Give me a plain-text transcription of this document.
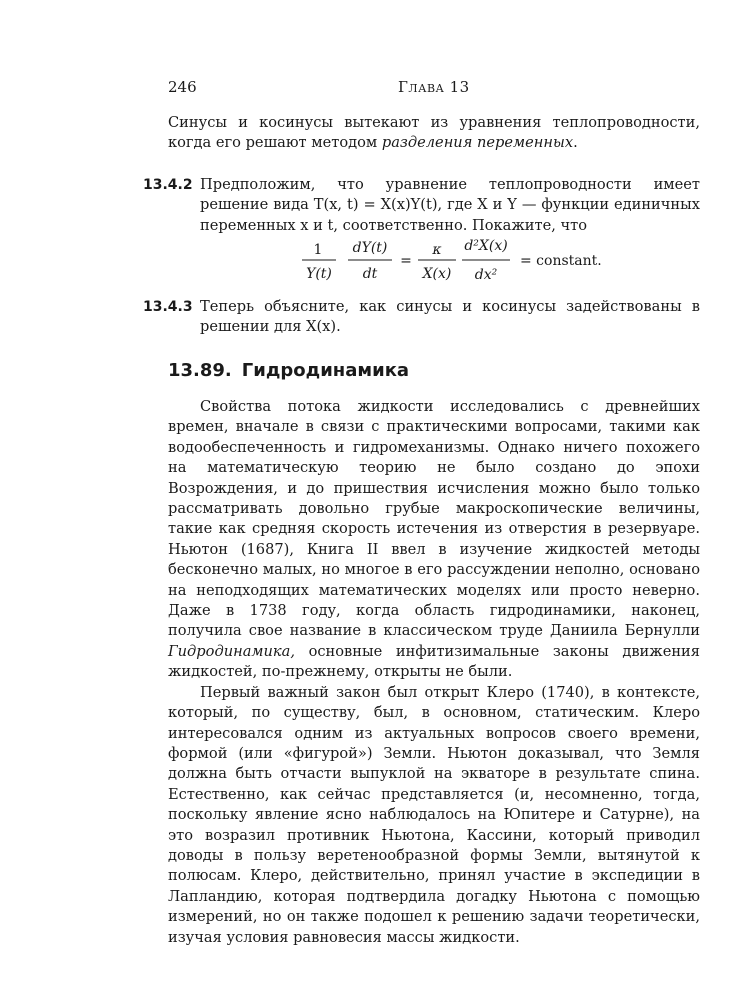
246	Глава 13
Синусы и косинусы вытекают из уравнения теплопроводности, когда его решают методом разделения переменных.
13.4.2 Предположим, что уравнение теплопроводности имеет решение вида T(x, t) = X(x)Y(t), где X и Y — функции единичных переменных x и t, соответственно. Покажите, что
1
Y(t)
dY(t)
dt
=
κ
X(x)
d²X(x)
dx²
= constant.
13.4.3 Теперь объясните, как синусы и косинусы задействованы в решении для X(x).
13.89. Гидродинамика

Свойства потока жидкости исследовались с древнейших времен, вначале в связи с практическими вопросами, такими как водообеспеченность и гидромеханизмы. Однако ничего похожего на математическую теорию не было создано до эпохи Возрождения, и до пришествия исчисления можно было только рассматривать довольно грубые макроскопические величины, такие как средняя скорость истечения из отверстия в резервуаре. Ньютон (1687), Книга II ввел в изучение жидкостей методы бесконечно малых, но многое в его рассуждении неполно, основано на неподходящих математических моделях или просто неверно. Даже в 1738 году, когда область гидродинамики, наконец, получила свое название в классическом труде Даниила Бернулли Гидродинамика, основные инфитизимальные законы движения жидкостей, по-прежнему, открыты не были.

Первый важный закон был открыт Клеро (1740), в контексте, который, по существу, был, в основном, статическим. Клеро интересовался одним из актуальных вопросов своего времени, формой (или «фигурой») Земли. Ньютон доказывал, что Земля должна быть отчасти выпуклой на экваторе в результате спина. Естественно, как сейчас представляется (и, несомненно, тогда, поскольку явление ясно наблюдалось на Юпитере и Сатурне), на это возразил противник Ньютона, Кассини, который приводил доводы в пользу веретенообразной формы Земли, вытянутой к полюсам. Клеро, действительно, принял участие в экспедиции в Лапландию, которая подтвердила догадку Ньютона с помощью измерений, но он также подошел к решению задачи теоретически, изучая условия равновесия массы жидкости.
